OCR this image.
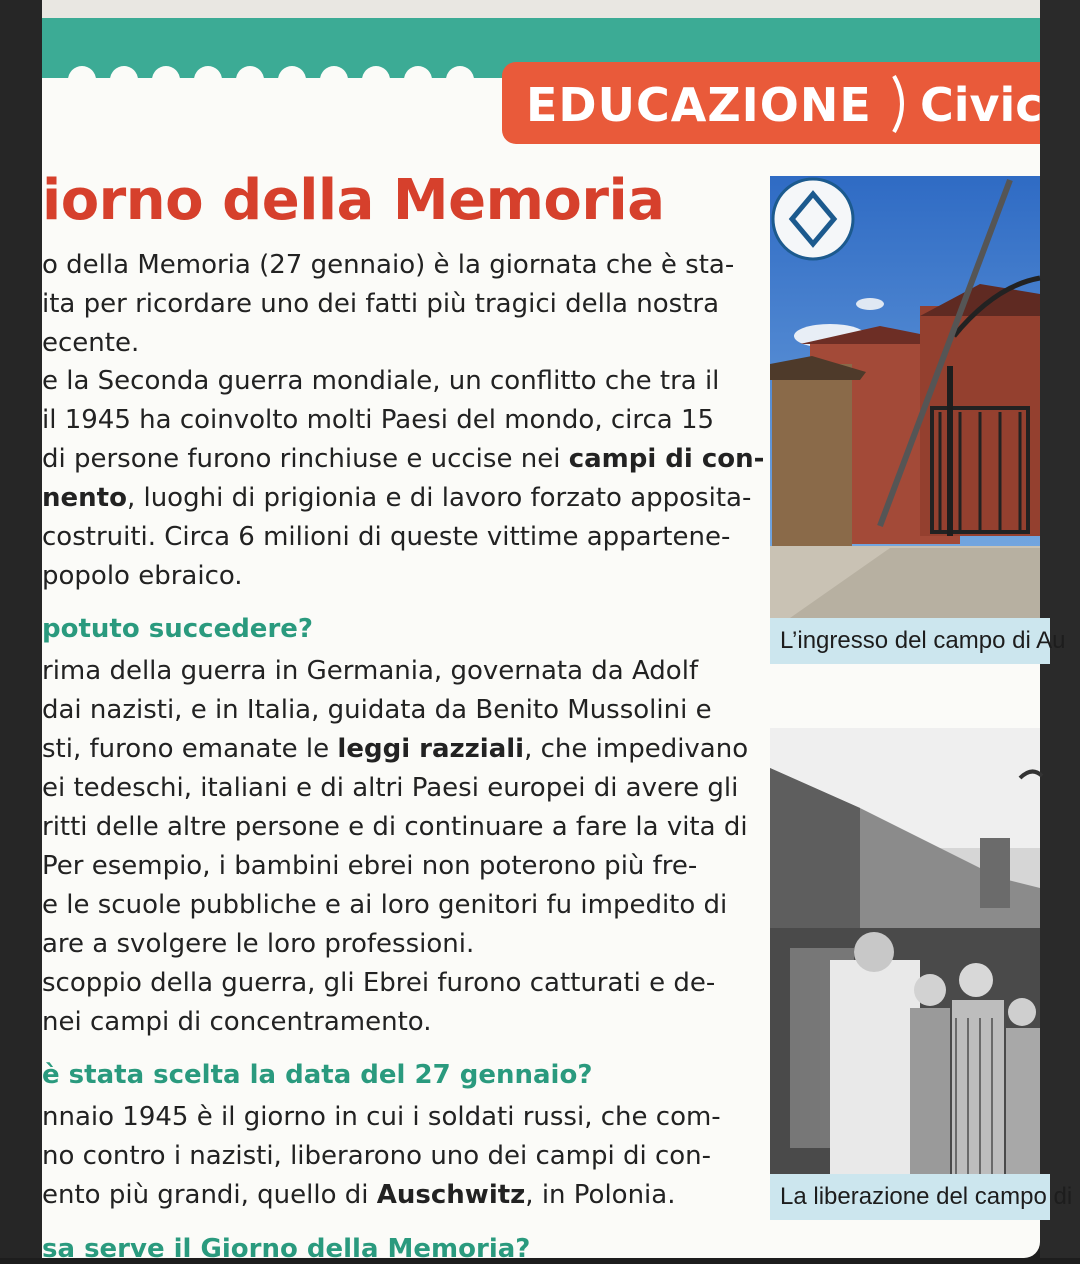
EDUCAZIONE Civic
iorno della Memoria

o della Memoria (27 gennaio) è la giornata che è sta-

ita per ricordare uno dei fatti più tragici della nostra

ecente.

e la Seconda guerra mondiale, un conflitto che tra il

il 1945 ha coinvolto molti Paesi del mondo, circa 15

di persone furono rinchiuse e uccise nei campi di con-

nento, luoghi di prigionia e di lavoro forzato apposita-

costruiti. Circa 6 milioni di queste vittime appartene-

popolo ebraico.

potuto succedere?

rima della guerra in Germania, governata da Adolf

dai nazisti, e in Italia, guidata da Benito Mussolini e

sti, furono emanate le leggi razziali, che impedivano

ei tedeschi, italiani e di altri Paesi europei di avere gli

ritti delle altre persone e di continuare a fare la vita di

Per esempio, i bambini ebrei non poterono più fre-

e le scuole pubbliche e ai loro genitori fu impedito di

are a svolgere le loro professioni.

scoppio della guerra, gli Ebrei furono catturati e de-

nei campi di concentramento.

è stata scelta la data del 27 gennaio?

nnaio 1945 è il giorno in cui i soldati russi, che com-

no contro i nazisti, liberarono uno dei campi di con-

ento più grandi, quello di Auschwitz, in Polonia.

sa serve il Giorno della Memoria?
L’ingresso del campo di Au
La liberazione del campo di
